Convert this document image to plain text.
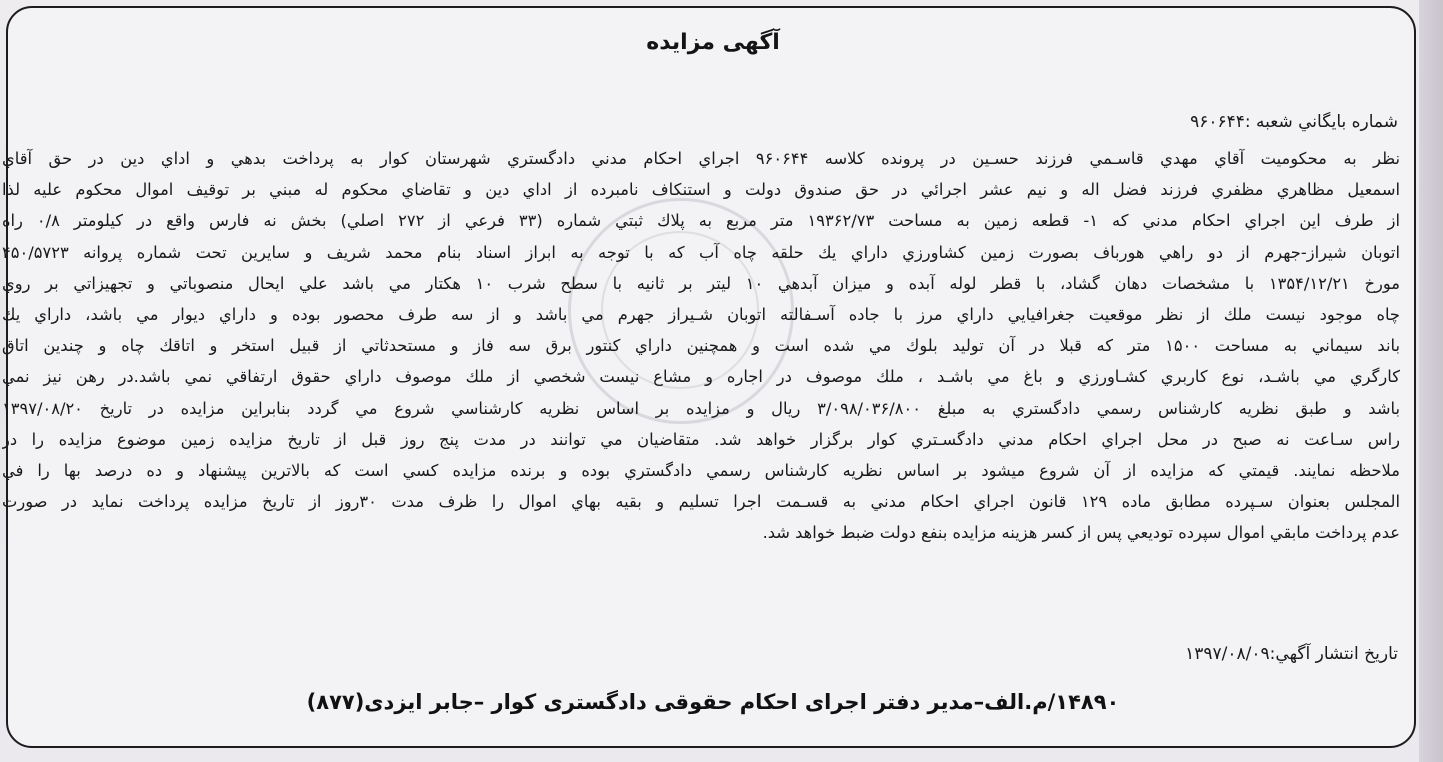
آگهی مزایده
شماره بايگاني شعبه :۹۶۰۶۴۴
نظر به محكوميت آقاي مهدي قاسـمي فرزند حسـين در پرونده كلاسه ۹۶۰۶۴۴ اجراي احكام مدني دادگستري شهرستان كوار به پرداخت بدهي و اداي دين در حق آقاي
اسمعيل مظاهري مظفري فرزند فضل اله و نيم عشر اجرائي در حق صندوق دولت و استنكاف نامبرده از اداي دين و تقاضاي محكوم له مبني بر توقيف اموال محكوم عليه لذا
از طرف اين اجراي احكام مدني كه ۱- قطعه زمين به مساحت ۱۹۳۶۲/۷۳ متر مربع به پلاك ثبتي شماره (۳۳ فرعي از ۲۷۲ اصلي) بخش نه فارس واقع در كيلومتر ۰/۸ راه
اتوبان شيراز-جهرم از دو راهي هورباف بصورت زمين كشاورزي داراي يك حلقه چاه آب كه با توجه به ابراز اسناد بنام محمد شريف و سايرين تحت شماره پروانه ۴۵۰/۵۷۲۳
مورخ ۱۳۵۴/۱۲/۲۱ با مشخصات دهان گشاد، با قطر لوله آبده و ميزان آبدهي ۱۰ ليتر بر ثانيه با سطح شرب ۱۰ هكتار مي باشد علي ايحال منصوباتي و تجهيزاتي بر روي
چاه موجود نيست ملك از نظر موقعيت جغرافيايي داراي مرز با جاده آسـفالته اتوبان شـيراز جهرم مي باشد و از سه طرف محصور بوده و داراي ديوار مي باشد، داراي يك
باند سيماني به مساحت ۱۵۰۰ متر كه قبلا در آن توليد بلوك مي شده است و همچنين داراي كنتور برق سه فاز و مستحدثاتي از قبيل استخر و اتاقك چاه و چندين اتاق
كارگري مي باشـد، نوع كاربري كشـاورزي و باغ مي باشـد ، ملك موصوف در اجاره و مشاع نيست شخصي از ملك موصوف داراي حقوق ارتفاقي نمي باشد.در رهن نيز نمي
باشد و طبق نظريه كارشناس رسمي دادگستري به مبلغ ۳/۰۹۸/۰۳۶/۸۰۰ ريال و مزايده بر اساس نظريه كارشناسي شروع مي گردد بنابراين مزايده در تاريخ ۱۳۹۷/۰۸/۲۰
راس سـاعت نه صبح در محل اجراي احكام مدني دادگسـتري كوار برگزار خواهد شد. متقاضيان مي توانند در مدت پنج روز قبل از تاريخ مزايده زمين موضوع مزايده را در
ملاحظه نمايند. قيمتي كه مزايده از آن شروع ميشود بر اساس نظريه كارشناس رسمي دادگستري بوده و برنده مزايده كسي است كه بالاترين پيشنهاد و ده درصد بها را في
المجلس بعنوان سـپرده مطابق ماده ۱۲۹ قانون اجراي احكام مدني به قسـمت اجرا تسليم و بقيه بهاي اموال را ظرف مدت ۳۰روز از تاريخ مزايده پرداخت نمايد در صورت
عدم پرداخت مابقي اموال سپرده توديعي پس از كسر هزينه مزايده بنفع دولت ضبط خواهد شد.
تاريخ انتشار آگهي:۱۳۹۷/۰۸/۰۹
۱۴۸۹۰/م.الف–مدیر دفتر اجرای احکام حقوقی دادگستری کوار –جابر ایزدی(۸۷۷)
